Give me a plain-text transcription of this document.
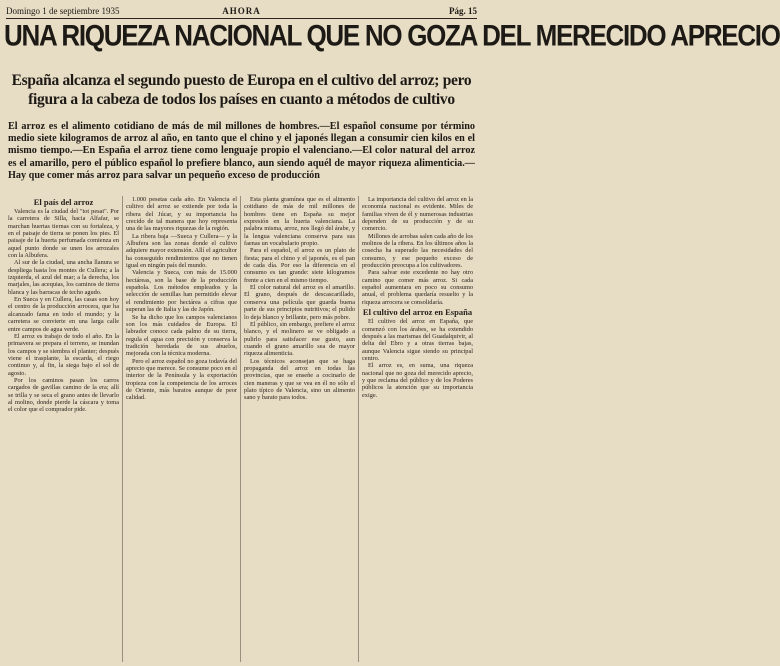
Domingo 1 de septiembre 1935	AHORA	Pág. 15
UNA RIQUEZA NACIONAL QUE NO GOZA DEL MERECIDO APRECIO
España alcanza el segundo puesto de Europa en el cultivo del arroz; pero figura a la cabeza de todos los países en cuanto a métodos de cultivo
El arroz es el alimento cotidiano de más de mil millones de hombres.—El español consume por término medio siete kilogramos de arroz al año, en tanto que el chino y el japonés llegan a consumir cien kilos en el mismo tiempo.—En España el arroz tiene como lenguaje propio el valenciano.—El color natural del arroz es el amarillo, pero el público español lo prefiere blanco, aun siendo aquél de mayor riqueza alimenticia.—Hay que comer más arroz para salvar un pequeño exceso de producción

El país del arroz

Valencia es la ciudad del "tot pesat". Por la carretera de Silla, hacia Alfafar, se marchan huertas tiernas con su fortaleza, y en el paisaje de tierra se ponen los pies. El paisaje de la huerta perfumada comienza en aquel punto donde se unen los arrozales con la Albufera.

Al sur de la ciudad, una ancha llanura se despliega hasta los montes de Cullera; a la izquierda, el azul del mar; a la derecha, los marjales, las acequias, los caminos de tierra blanca y las barracas de techo agudo.

En Sueca y en Cullera, las casas son hoy el centro de la producción arrocera, que ha alcanzado fama en todo el mundo; y la carretera se convierte en una larga calle entre campos de agua verde.

El arroz es trabajo de todo el año. En la primavera se prepara el terreno, se inundan los campos y se siembra el planter; después viene el trasplante, la escarda, el riego continuo y, al fin, la siega bajo el sol de agosto.

Por los caminos pasan los carros cargados de gavillas camino de la era; allí se trilla y se seca el grano antes de llevarlo al molino, donde pierde la cáscara y toma el color que el comprador pide.

1.000 pesetas cada año. En Valencia el cultivo del arroz se extiende por toda la ribera del Júcar, y su importancia ha crecido de tal manera que hoy representa una de las mayores riquezas de la región.

La ribera baja —Sueca y Cullera— y la Albufera son las zonas donde el cultivo adquiere mayor extensión. Allí el agricultor ha conseguido rendimientos que no tienen igual en ningún país del mundo.

Valencia y Sueca, con más de 15.000 hectáreas, son la base de la producción española. Los métodos empleados y la selección de semillas han permitido elevar el rendimiento por hectárea a cifras que superan las de Italia y las de Japón.

Se ha dicho que los campos valencianos son los más cuidados de Europa. El labrador conoce cada palmo de su tierra, regula el agua con precisión y conserva la tradición heredada de sus abuelos, mejorada con la técnica moderna.

Pero el arroz español no goza todavía del aprecio que merece. Se consume poco en el interior de la Península y la exportación tropieza con la competencia de los arroces de Oriente, más baratos aunque de peor calidad.

Esta planta gramínea que es el alimento cotidiano de más de mil millones de hombres tiene en España su mejor expresión en la huerta valenciana. La palabra misma, arroz, nos llegó del árabe, y la lengua valenciana conserva para sus faenas un vocabulario propio.

Para el español, el arroz es un plato de fiesta; para el chino y el japonés, es el pan de cada día. Por eso la diferencia en el consumo es tan grande: siete kilogramos frente a cien en el mismo tiempo.

El color natural del arroz es el amarillo. El grano, después de descascarillado, conserva una película que guarda buena parte de sus principios nutritivos; el pulido lo deja blanco y brillante, pero más pobre.

El público, sin embargo, prefiere el arroz blanco, y el molinero se ve obligado a pulirlo para satisfacer ese gusto, aun cuando el grano amarillo sea de mayor riqueza alimenticia.

Los técnicos aconsejan que se haga propaganda del arroz en todas las provincias, que se enseñe a cocinarlo de cien maneras y que se vea en él no sólo el plato típico de Valencia, sino un alimento sano y barato para todos.

La importancia del cultivo del arroz en la economía nacional es evidente. Miles de familias viven de él y numerosas industrias dependen de su producción y de su comercio.

Millones de arrobas salen cada año de los molinos de la ribera. En los últimos años la cosecha ha superado las necesidades del consumo, y ese pequeño exceso de producción preocupa a los cultivadores.

Para salvar este excedente no hay otro camino que comer más arroz. Si cada español aumentara en poco su consumo anual, el problema quedaría resuelto y la riqueza arrocera se consolidaría.

El cultivo del arroz en España

El cultivo del arroz en España, que comenzó con los árabes, se ha extendido después a las marismas del Guadalquivir, al delta del Ebro y a otras tierras bajas, aunque Valencia sigue siendo su principal centro.

El arroz es, en suma, una riqueza nacional que no goza del merecido aprecio, y que reclama del público y de los Poderes públicos la atención que su importancia exige.
